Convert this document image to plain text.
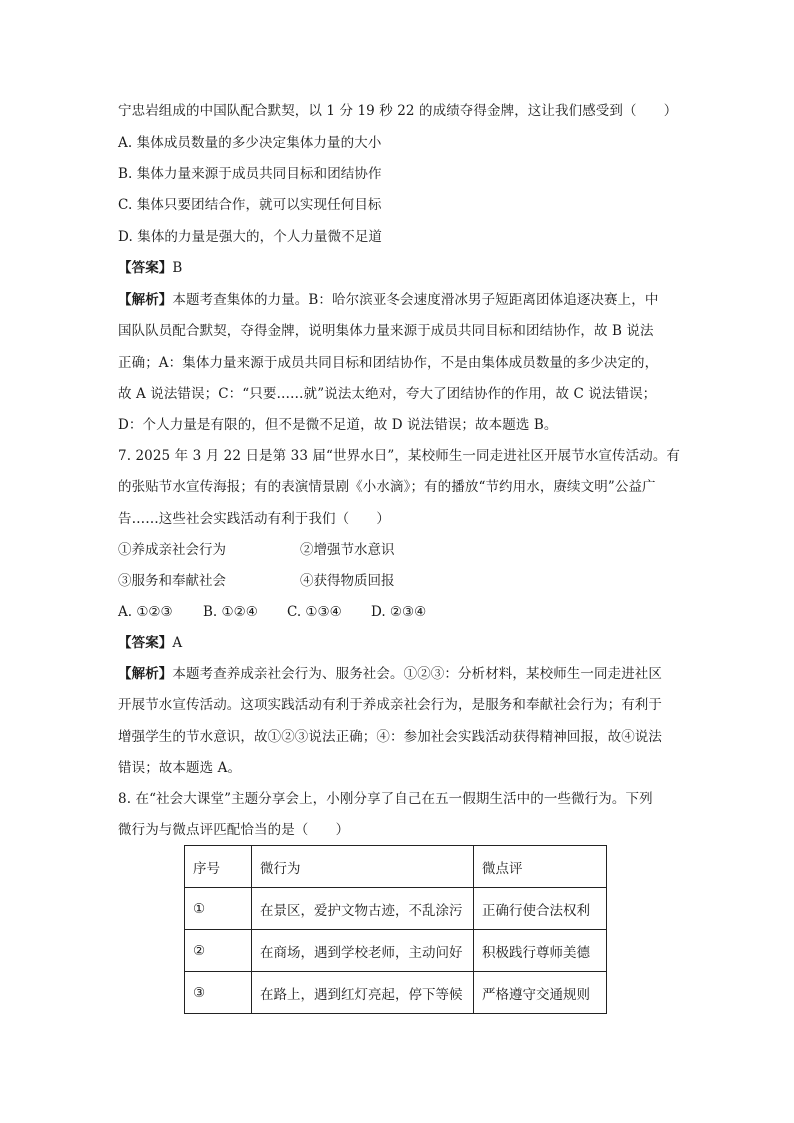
宁忠岩组成的中国队配合默契，以 1 分 19 秒 22 的成绩夺得金牌，这让我们感受到（　　）
A. 集体成员数量的多少决定集体力量的大小
B. 集体力量来源于成员共同目标和团结协作
C. 集体只要团结合作，就可以实现任何目标
D. 集体的力量是强大的，个人力量微不足道
【答案】B
【解析】本题考查集体的力量。B：哈尔滨亚冬会速度滑冰男子短距离团体追逐决赛上，中
国队队员配合默契，夺得金牌，说明集体力量来源于成员共同目标和团结协作，故 B 说法
正确；A：集体力量来源于成员共同目标和团结协作，不是由集体成员数量的多少决定的，
故 A 说法错误；C：“只要……就”说法太绝对，夸大了团结协作的作用，故 C 说法错误；
D：个人力量是有限的，但不是微不足道，故 D 说法错误；故本题选 B。
7. 2025 年 3 月 22 日是第 33 届“世界水日”，某校师生一同走进社区开展节水宣传活动。有
的张贴节水宣传海报；有的表演情景剧《小水滴》；有的播放“节约用水，赓续文明”公益广
告……这些社会实践活动有利于我们（　　）
①养成亲社会行为	②增强节水意识
③服务和奉献社会	④获得物质回报
A. ①②③ B. ①②④ C. ①③④ D. ②③④
【答案】A
【解析】本题考查养成亲社会行为、服务社会。①②③：分析材料，某校师生一同走进社区
开展节水宣传活动。这项实践活动有利于养成亲社会行为，是服务和奉献社会行为；有利于
增强学生的节水意识，故①②③说法正确；④：参加社会实践活动获得精神回报，故④说法
错误；故本题选 A。
8. 在“社会大课堂”主题分享会上，小刚分享了自己在五一假期生活中的一些微行为。下列
微行为与微点评匹配恰当的是（　　）
序号	微行为	微点评
①	在景区，爱护文物古迹，不乱涂污	正确行使合法权利
②	在商场，遇到学校老师，主动问好	积极践行尊师美德
③	在路上，遇到红灯亮起，停下等候	严格遵守交通规则
